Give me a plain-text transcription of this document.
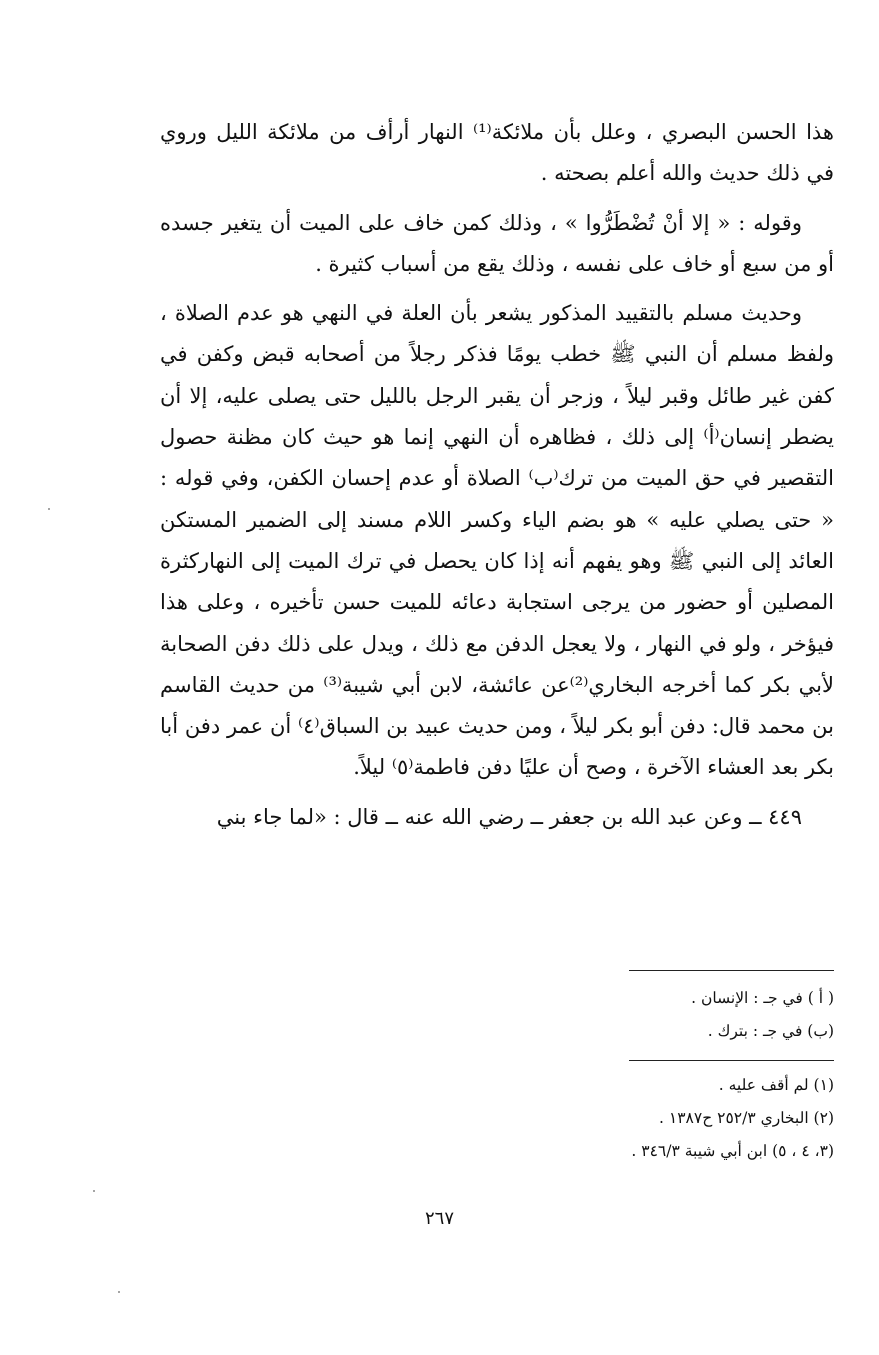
هذا الحسن البصري ، وعلل بأن ملائكة⁽¹⁾ النهار أرأف من ملائكة الليل وروي في ذلك حديث والله أعلم بصحته .

وقوله : « إلا أنْ تُضْطَرُّوا » ، وذلك كمن خاف على الميت أن يتغير جسده أو من سبع أو خاف على نفسه ، وذلك يقع من أسباب كثيرة .

وحديث مسلم بالتقييد المذكور يشعر بأن العلة في النهي هو عدم الصلاة ، ولفظ مسلم أن النبي ﷺ خطب يومًا فذكر رجلاً من أصحابه قبض وكفن في كفن غير طائل وقبر ليلاً ، وزجر أن يقبر الرجل بالليل حتى يصلى عليه، إلا أن يضطر إنسان⁽أ⁾ إلى ذلك ، فظاهره أن النهي إنما هو حيث كان مظنة حصول التقصير في حق الميت من ترك⁽ب⁾ الصلاة أو عدم إحسان الكفن، وفي قوله : « حتى يصلي عليه » هو بضم الياء وكسر اللام مسند إلى الضمير المستكن العائد إلى النبي ﷺ وهو يفهم أنه إذا كان يحصل في ترك الميت إلى النهاركثرة المصلين أو حضور من يرجى استجابة دعائه للميت حسن تأخيره ، وعلى هذا فيؤخر ، ولو في النهار ، ولا يعجل الدفن مع ذلك ، ويدل على ذلك دفن الصحابة لأبي بكر كما أخرجه البخاري⁽²⁾عن عائشة، لابن أبي شيبة⁽³⁾ من حديث القاسم بن محمد قال: دفن أبو بكر ليلاً ، ومن حديث عبيد بن السباق⁽٤⁾ أن عمر دفن أبا بكر بعد العشاء الآخرة ، وصح أن عليًا دفن فاطمة⁽٥⁾ ليلاً.

٤٤٩ ــ وعن عبد الله بن جعفر ــ رضي الله عنه ــ قال : «لما جاء بني

( أ ) في جـ : الإنسان .

(ب) في جـ : بترك .

(١) لم أقف عليه .

(٢) البخاري ٢٥٢/٣ ح١٣٨٧ .

(٣، ٤ ، ٥) ابن أبي شيبة ٣٤٦/٣ .

٢٦٧
